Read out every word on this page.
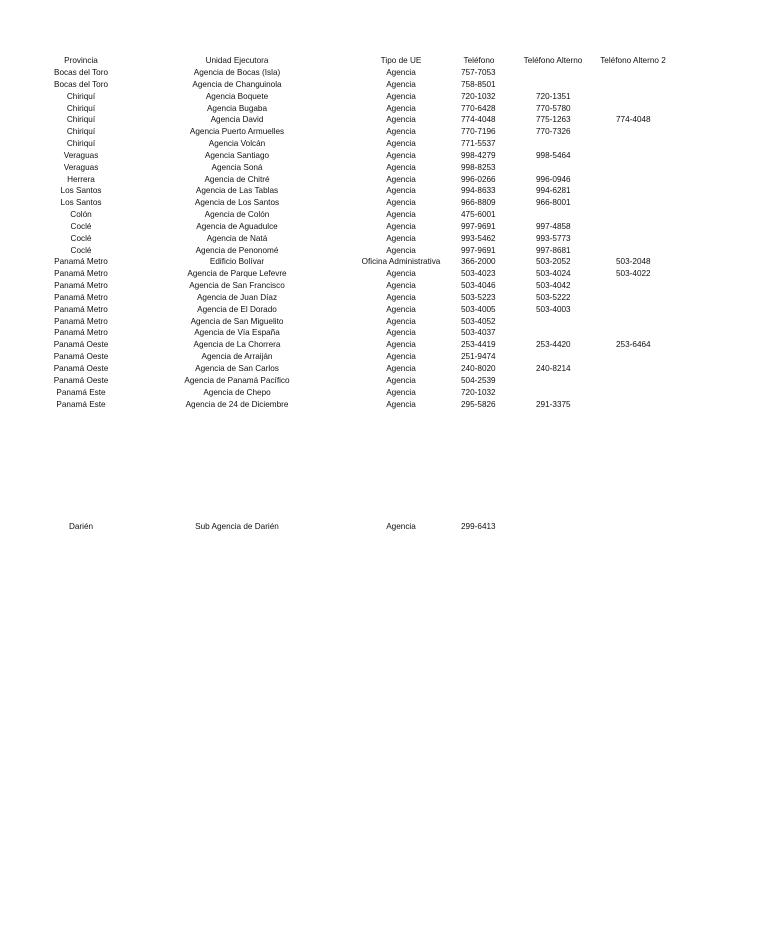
Provincia	Unidad Ejecutora	Tipo de UE	Teléfono	Teléfono Alterno	Teléfono Alterno 2
Bocas del Toro	Agencia de Bocas (Isla)	Agencia	757-7053
Bocas del Toro	Agencia de Changuinola	Agencia	758-8501
Chiriquí	Agencia Boquete	Agencia	720-1032	720-1351
Chiriquí	Agencia Bugaba	Agencia	770-6428	770-5780
Chiriquí	Agencia David	Agencia	774-4048	775-1263	774-4048
Chiriquí	Agencia Puerto Armuelles	Agencia	770-7196	770-7326
Chiriquí	Agencia Volcán	Agencia	771-5537
Veraguas	Agencia Santiago	Agencia	998-4279	998-5464
Veraguas	Agencia Soná	Agencia	998-8253
Herrera	Agencia de Chitré	Agencia	996-0266	996-0946
Los Santos	Agencia de Las Tablas	Agencia	994-8633	994-6281
Los Santos	Agencia de Los Santos	Agencia	966-8809	966-8001
Colón	Agencia de Colón	Agencia	475-6001
Coclé	Agencia de Aguadulce	Agencia	997-9691	997-4858
Coclé	Agencia de Natá	Agencia	993-5462	993-5773
Coclé	Agencia de Penonomé	Agencia	997-9691	997-8681
Panamá Metro	Edificio Bolívar	Oficina Administrativa	366-2000	503-2052	503-2048
Panamá Metro	Agencia de Parque Lefevre	Agencia	503-4023	503-4024	503-4022
Panamá Metro	Agencia de San Francisco	Agencia	503-4046	503-4042
Panamá Metro	Agencia de Juan Díaz	Agencia	503-5223	503-5222
Panamá Metro	Agencia de El Dorado	Agencia	503-4005	503-4003
Panamá Metro	Agencia de San Miguelito	Agencia	503-4052
Panamá Metro	Agencia de Vía España	Agencia	503-4037
Panamá Oeste	Agencia de La Chorrera	Agencia	253-4419	253-4420	253-6464
Panamá Oeste	Agencia de Arraiján	Agencia	251-9474
Panamá Oeste	Agencia de San Carlos	Agencia	240-8020	240-8214
Panamá Oeste	Agencia de Panamá Pacífico	Agencia	504-2539
Panamá Este	Agencia de Chepo	Agencia	720-1032
Panamá Este	Agencia de 24 de Diciembre	Agencia	295-5826	291-3375
Darién	Sub Agencia de Darién	Agencia	299-6413
